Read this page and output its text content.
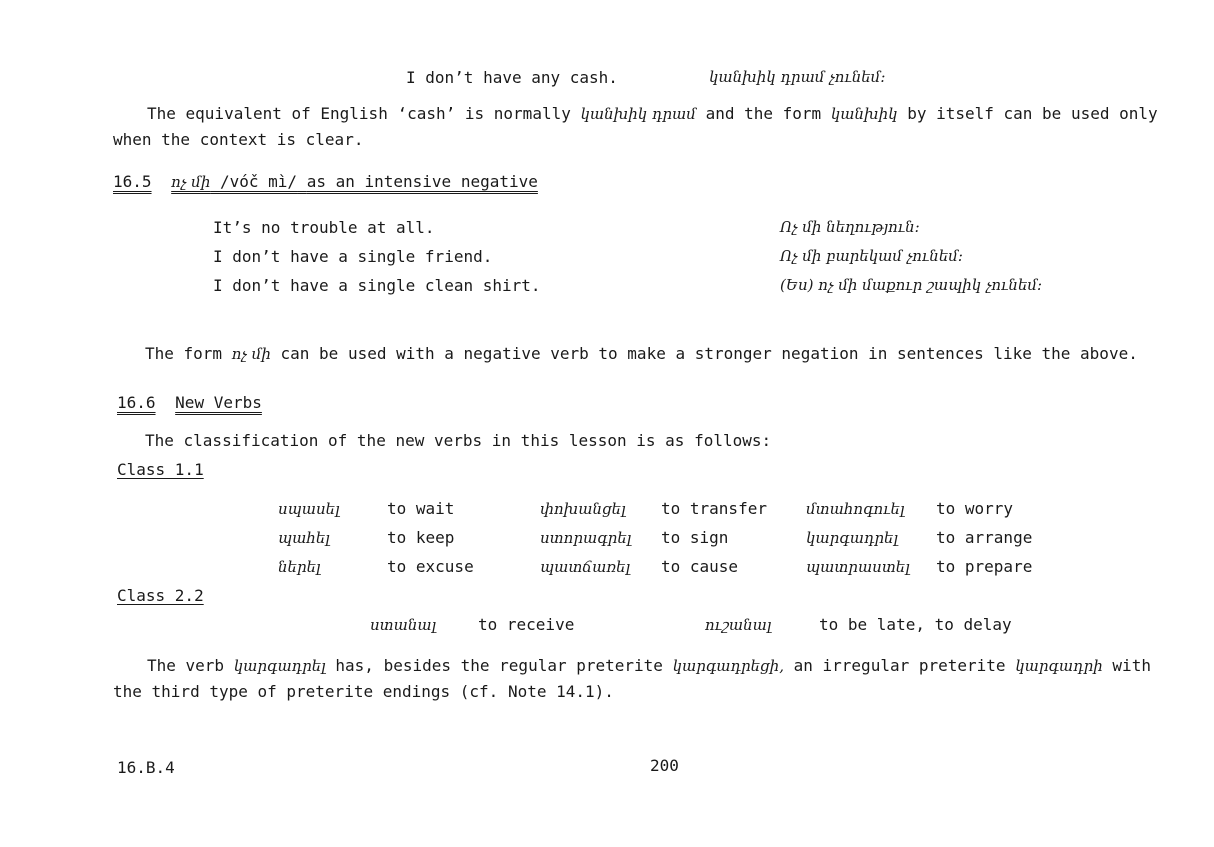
I don’t have any cash.	կանխիկ դրամ չունեմ։
The equivalent of English ‘cash’ is normally կանխիկ դրամ and the form կանխիկ by itself can be used only when the context is clear.
16.5 ոչ մի /vóč mì/ as an intensive negative
It’s no trouble at all.	Ոչ մի նեղություն։
I don’t have a single friend.	Ոչ մի բարեկամ չունեմ։
I don’t have a single clean shirt.	(Ես) ոչ մի մաքուր շապիկ չունեմ։
The form ոչ մի can be used with a negative verb to make a stronger negation in sentences like the above.
16.6 New Verbs
The classification of the new verbs in this lesson is as follows:
Class 1.1
սպասել	to wait	փոխանցել to transfer	մտահոգուել to worry
պահել	to keep	ստորագրել to sign	կարգադրել to arrange
ներել	to excuse	պատճառել to cause	պատրաստել to prepare
Class 2.2
ստանալ	to receive	ուշանալ	to be late, to delay
The verb կարգադրել has, besides the regular preterite կարգադրեցի, an irregular preterite կարգադրի with the third type of preterite endings (cf. Note 14.1).
16.B.4	200
